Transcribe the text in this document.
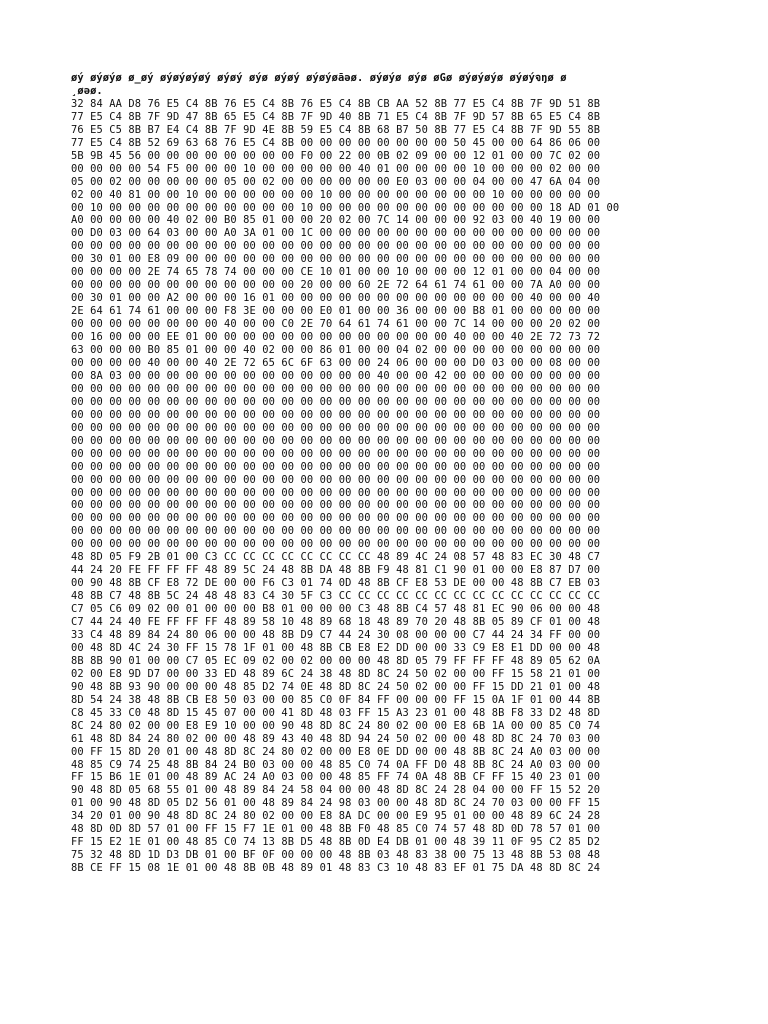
øý øýøýø ø_øý øýøýøýøý øýøý øýø øýøý øýøýøāəø. øýøýø øýø øGø øýøýøýø øýøýจŋø ø
̧øəø.
32 84 AA D8 76 E5 C4 8B 76 E5 C4 8B 76 E5 C4 8B CB AA 52 8B 77 E5 C4 8B 7F 9D 51 8B
77 E5 C4 8B 7F 9D 47 8B 65 E5 C4 8B 7F 9D 40 8B 71 E5 C4 8B 7F 9D 57 8B 65 E5 C4 8B
76 E5 C5 8B B7 E4 C4 8B 7F 9D 4E 8B 59 E5 C4 8B 68 B7 50 8B 77 E5 C4 8B 7F 9D 55 8B
77 E5 C4 8B 52 69 63 68 76 E5 C4 8B 00 00 00 00 00 00 00 00 50 45 00 00 64 86 06 00
5B 9B 45 56 00 00 00 00 00 00 00 00 F0 00 22 00 0B 02 09 00 00 12 01 00 00 7C 02 00
00 00 00 00 54 F5 00 00 00 10 00 00 00 00 00 40 01 00 00 00 00 10 00 00 00 02 00 00
05 00 02 00 00 00 00 00 05 00 02 00 00 00 00 00 00 E0 03 00 00 04 00 00 47 6A 04 00
02 00 40 81 00 00 10 00 00 00 00 00 00 10 00 00 00 00 00 00 00 00 10 00 00 00 00 00
00 10 00 00 00 00 00 00 00 00 00 00 10 00 00 00 00 00 00 00 00 00 00 00 00 18 AD 01 00
A0 00 00 00 00 40 02 00 B0 85 01 00 00 20 02 00 7C 14 00 00 00 92 03 00 40 19 00 00
00 D0 03 00 64 03 00 00 A0 3A 01 00 1C 00 00 00 00 00 00 00 00 00 00 00 00 00 00 00
00 00 00 00 00 00 00 00 00 00 00 00 00 00 00 00 00 00 00 00 00 00 00 00 00 00 00 00
00 30 01 00 E8 09 00 00 00 00 00 00 00 00 00 00 00 00 00 00 00 00 00 00 00 00 00 00
00 00 00 00 2E 74 65 78 74 00 00 00 CE 10 01 00 00 10 00 00 00 12 01 00 00 04 00 00
00 00 00 00 00 00 00 00 00 00 00 00 20 00 00 60 2E 72 64 61 74 61 00 00 7A A0 00 00
00 30 01 00 00 A2 00 00 00 16 01 00 00 00 00 00 00 00 00 00 00 00 00 00 40 00 00 40
2E 64 61 74 61 00 00 00 F8 3E 00 00 00 E0 01 00 00 36 00 00 00 B8 01 00 00 00 00 00
00 00 00 00 00 00 00 00 40 00 00 C0 2E 70 64 61 74 61 00 00 7C 14 00 00 00 20 02 00
00 16 00 00 00 EE 01 00 00 00 00 00 00 00 00 00 00 00 00 00 40 00 00 40 2E 72 73 72
63 00 00 00 B0 85 01 00 00 40 02 00 00 86 01 00 00 04 02 00 00 00 00 00 00 00 00 00
00 00 00 00 40 00 00 40 2E 72 65 6C 6F 63 00 00 24 06 00 00 00 D0 03 00 00 08 00 00
00 8A 03 00 00 00 00 00 00 00 00 00 00 00 00 00 40 00 00 42 00 00 00 00 00 00 00 00
00 00 00 00 00 00 00 00 00 00 00 00 00 00 00 00 00 00 00 00 00 00 00 00 00 00 00 00
00 00 00 00 00 00 00 00 00 00 00 00 00 00 00 00 00 00 00 00 00 00 00 00 00 00 00 00
00 00 00 00 00 00 00 00 00 00 00 00 00 00 00 00 00 00 00 00 00 00 00 00 00 00 00 00
00 00 00 00 00 00 00 00 00 00 00 00 00 00 00 00 00 00 00 00 00 00 00 00 00 00 00 00
00 00 00 00 00 00 00 00 00 00 00 00 00 00 00 00 00 00 00 00 00 00 00 00 00 00 00 00
00 00 00 00 00 00 00 00 00 00 00 00 00 00 00 00 00 00 00 00 00 00 00 00 00 00 00 00
00 00 00 00 00 00 00 00 00 00 00 00 00 00 00 00 00 00 00 00 00 00 00 00 00 00 00 00
00 00 00 00 00 00 00 00 00 00 00 00 00 00 00 00 00 00 00 00 00 00 00 00 00 00 00 00
00 00 00 00 00 00 00 00 00 00 00 00 00 00 00 00 00 00 00 00 00 00 00 00 00 00 00 00
00 00 00 00 00 00 00 00 00 00 00 00 00 00 00 00 00 00 00 00 00 00 00 00 00 00 00 00
00 00 00 00 00 00 00 00 00 00 00 00 00 00 00 00 00 00 00 00 00 00 00 00 00 00 00 00
00 00 00 00 00 00 00 00 00 00 00 00 00 00 00 00 00 00 00 00 00 00 00 00 00 00 00 00
00 00 00 00 00 00 00 00 00 00 00 00 00 00 00 00 00 00 00 00 00 00 00 00 00 00 00 00
48 8D 05 F9 2B 01 00 C3 CC CC CC CC CC CC CC CC 48 89 4C 24 08 57 48 83 EC 30 48 C7
44 24 20 FE FF FF FF 48 89 5C 24 48 8B DA 48 8B F9 48 81 C1 90 01 00 00 E8 87 D7 00
00 90 48 8B CF E8 72 DE 00 00 F6 C3 01 74 0D 48 8B CF E8 53 DE 00 00 48 8B C7 EB 03
48 8B C7 48 8B 5C 24 48 48 83 C4 30 5F C3 CC CC CC CC CC CC CC CC CC CC CC CC CC CC
C7 05 C6 09 02 00 01 00 00 00 B8 01 00 00 00 C3 48 8B C4 57 48 81 EC 90 06 00 00 48
C7 44 24 40 FE FF FF FF 48 89 58 10 48 89 68 18 48 89 70 20 48 8B 05 89 CF 01 00 48
33 C4 48 89 84 24 80 06 00 00 48 8B D9 C7 44 24 30 08 00 00 00 C7 44 24 34 FF 00 00
00 48 8D 4C 24 30 FF 15 78 1F 01 00 48 8B CB E8 E2 DD 00 00 33 C9 E8 E1 DD 00 00 48
8B 8B 90 01 00 00 C7 05 EC 09 02 00 02 00 00 00 48 8D 05 79 FF FF FF 48 89 05 62 0A
02 00 E8 9D D7 00 00 33 ED 48 89 6C 24 38 48 8D 8C 24 50 02 00 00 FF 15 58 21 01 00
90 48 8B 93 90 00 00 00 48 85 D2 74 0E 48 8D 8C 24 50 02 00 00 FF 15 DD 21 01 00 48
8D 54 24 38 48 8B CB E8 50 03 00 00 85 C0 0F 84 FF 00 00 00 FF 15 0A 1F 01 00 44 8B
C8 45 33 C0 48 8D 15 45 07 00 00 41 8D 48 03 FF 15 A3 23 01 00 48 8B F8 33 D2 48 8D
8C 24 80 02 00 00 E8 E9 10 00 00 90 48 8D 8C 24 80 02 00 00 E8 6B 1A 00 00 85 C0 74
61 48 8D 84 24 80 02 00 00 48 89 43 40 48 8D 94 24 50 02 00 00 48 8D 8C 24 70 03 00
00 FF 15 8D 20 01 00 48 8D 8C 24 80 02 00 00 E8 0E DD 00 00 48 8B 8C 24 A0 03 00 00
48 85 C9 74 25 48 8B 84 24 B0 03 00 00 48 85 C0 74 0A FF D0 48 8B 8C 24 A0 03 00 00
FF 15 B6 1E 01 00 48 89 AC 24 A0 03 00 00 48 85 FF 74 0A 48 8B CF FF 15 40 23 01 00
90 48 8D 05 68 55 01 00 48 89 84 24 58 04 00 00 48 8D 8C 24 28 04 00 00 FF 15 52 20
01 00 90 48 8D 05 D2 56 01 00 48 89 84 24 98 03 00 00 48 8D 8C 24 70 03 00 00 FF 15
34 20 01 00 90 48 8D 8C 24 80 02 00 00 E8 8A DC 00 00 E9 95 01 00 00 48 89 6C 24 28
48 8D 0D 8D 57 01 00 FF 15 F7 1E 01 00 48 8B F0 48 85 C0 74 57 48 8D 0D 78 57 01 00
FF 15 E2 1E 01 00 48 85 C0 74 13 8B D5 48 8B 0D E4 DB 01 00 48 39 11 0F 95 C2 85 D2
75 32 48 8D 1D D3 DB 01 00 BF 0F 00 00 00 48 8B 03 48 83 38 00 75 13 48 8B 53 08 48
8B CE FF 15 08 1E 01 00 48 8B 0B 48 89 01 48 83 C3 10 48 83 EF 01 75 DA 48 8D 8C 24
